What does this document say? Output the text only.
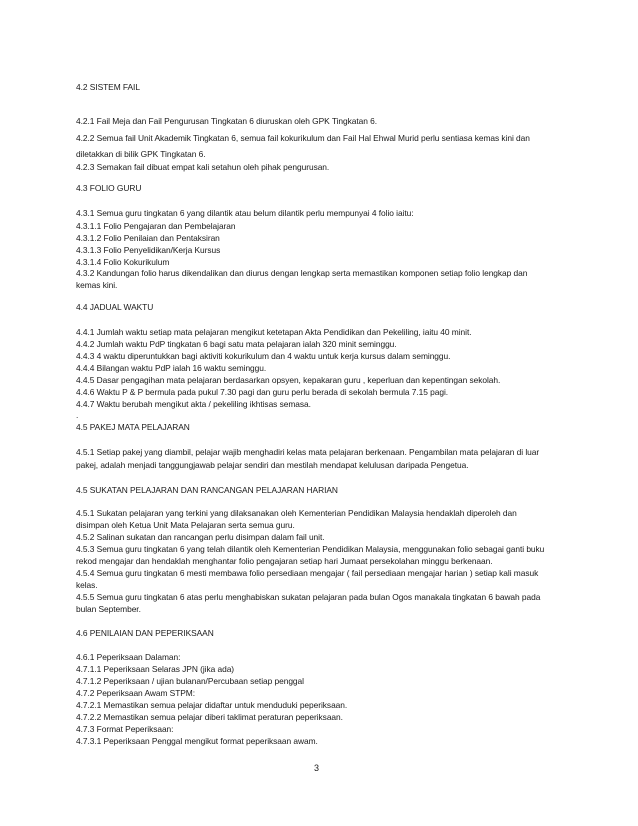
4.2 SISTEM FAIL
4.2.1 Fail Meja dan Fail Pengurusan Tingkatan 6 diuruskan oleh GPK Tingkatan 6.
4.2.2 Semua fail Unit Akademik Tingkatan 6, semua fail kokurikulum dan Fail Hal Ehwal Murid perlu sentiasa kemas kini dan
diletakkan di bilik GPK Tingkatan 6.
4.2.3 Semakan fail dibuat empat kali setahun oleh pihak pengurusan.
4.3 FOLIO GURU
4.3.1 Semua guru tingkatan 6 yang dilantik atau belum dilantik perlu mempunyai 4 folio iaitu:
4.3.1.1 Folio Pengajaran dan Pembelajaran
4.3.1.2 Folio Penilaian dan Pentaksiran
4.3.1.3 Folio Penyelidikan/Kerja Kursus
4.3.1.4 Folio Kokurikulum
4.3.2 Kandungan folio harus dikendalikan dan diurus dengan lengkap serta memastikan komponen setiap folio lengkap dan
kemas kini.
4.4 JADUAL WAKTU
4.4.1 Jumlah waktu setiap mata pelajaran mengikut ketetapan Akta Pendidikan dan Pekeliling, iaitu 40 minit.
4.4.2 Jumlah waktu PdP tingkatan 6 bagi satu mata pelajaran ialah 320 minit seminggu.
4.4.3 4 waktu diperuntukkan bagi aktiviti kokurikulum dan 4 waktu untuk kerja kursus dalam seminggu.
4.4.4 Bilangan waktu PdP ialah 16 waktu seminggu.
4.4.5 Dasar pengagihan mata pelajaran berdasarkan opsyen, kepakaran guru , keperluan dan kepentingan sekolah.
4.4.6 Waktu P & P bermula pada pukul 7.30 pagi dan guru perlu berada di sekolah bermula 7.15 pagi.
4.4.7 Waktu berubah mengikut akta / pekeliling ikhtisas semasa.
.
4.5 PAKEJ MATA PELAJARAN
4.5.1 Setiap pakej yang diambil, pelajar wajib menghadiri kelas mata pelajaran berkenaan. Pengambilan mata pelajaran di luar
pakej, adalah menjadi tanggungjawab pelajar sendiri dan mestilah mendapat kelulusan daripada Pengetua.
4.5 SUKATAN PELAJARAN DAN RANCANGAN PELAJARAN HARIAN
4.5.1 Sukatan pelajaran yang terkini yang dilaksanakan oleh Kementerian Pendidikan Malaysia hendaklah diperoleh dan
disimpan oleh Ketua Unit Mata Pelajaran serta semua guru.
4.5.2 Salinan sukatan dan rancangan perlu disimpan dalam fail unit.
4.5.3 Semua guru tingkatan 6 yang telah dilantik oleh Kementerian Pendidikan Malaysia, menggunakan folio sebagai ganti buku
rekod mengajar dan hendaklah menghantar folio pengajaran setiap hari Jumaat persekolahan minggu berkenaan.
4.5.4 Semua guru tingkatan 6 mesti membawa folio persediaan mengajar ( fail persediaan mengajar harian ) setiap kali masuk
kelas.
4.5.5 Semua guru tingkatan 6 atas perlu menghabiskan sukatan pelajaran pada bulan Ogos manakala tingkatan 6 bawah pada
bulan September.
4.6 PENILAIAN DAN PEPERIKSAAN
4.6.1 Peperiksaan Dalaman:
4.7.1.1 Peperiksaan Selaras JPN (jika ada)
4.7.1.2 Peperiksaan / ujian bulanan/Percubaan setiap penggal
4.7.2 Peperiksaan Awam STPM:
4.7.2.1 Memastikan semua pelajar didaftar untuk menduduki peperiksaan.
4.7.2.2 Memastikan semua pelajar diberi taklimat peraturan peperiksaan.
4.7.3 Format Peperiksaan:
4.7.3.1 Peperiksaan Penggal mengikut format peperiksaan awam.
3
